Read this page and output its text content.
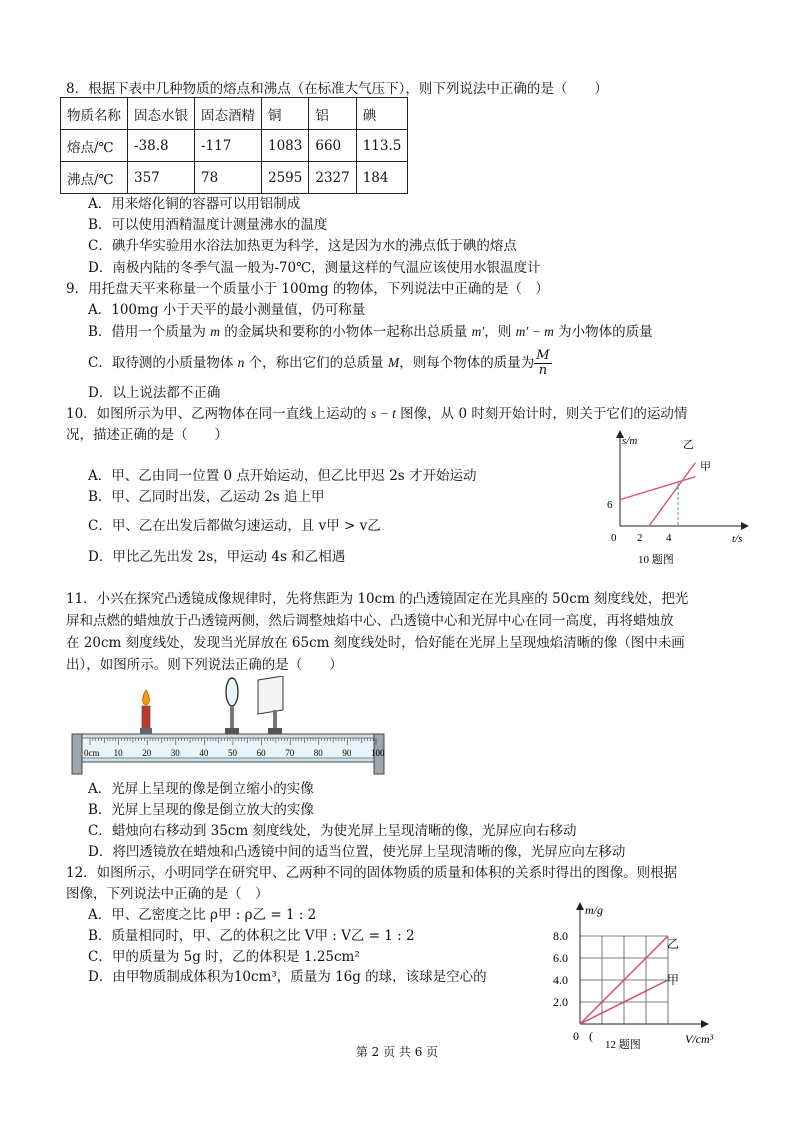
8．根据下表中几种物质的熔点和沸点（在标准大气压下），则下列说法中正确的是（　　）
物质名称	固态水银	固态酒精	铜	铝	碘
熔点/℃	-38.8	-117	1083	660	113.5
沸点/℃	357	78	2595	2327	184
A．用来熔化铜的容器可以用铝制成
B．可以使用酒精温度计测量沸水的温度
C．碘升华实验用水浴法加热更为科学，这是因为水的沸点低于碘的熔点
D．南极内陆的冬季气温一般为-70℃，测量这样的气温应该使用水银温度计
9．用托盘天平来称量一个质量小于 100mg 的物体，下列说法中正确的是（　）
A．100mg 小于天平的最小测量值，仍可称量
B．借用一个质量为 m 的金属块和要称的小物体一起称出总质量 m′，则 m′ − m 为小物体的质量
C．取待测的小质量物体 n 个，称出它们的总质量 M，则每个物体的质量为 $\frac{M}{n}$
D．以上说法都不正确
10．如图所示为甲、乙两物体在同一直线上运动的 s − t 图像，从 0 时刻开始计时，则关于它们的运动情
况，描述正确的是（　　）
A．甲、乙由同一位置 0 点开始运动，但乙比甲迟 2s 才开始运动
B．甲、乙同时出发，乙运动 2s 追上甲
C．甲、乙在出发后都做匀速运动，且 v甲 > v乙
D．甲比乙先出发 2s，甲运动 4s 和乙相遇
s/m
t/s
6
0 2 4
乙
甲
10 题图
11．小兴在探究凸透镜成像规律时，先将焦距为 10cm 的凸透镜固定在光具座的 50cm 刻度线处，把光
屏和点燃的蜡烛放于凸透镜两侧，然后调整烛焰中心、凸透镜中心和光屏中心在同一高度，再将蜡烛放
在 20cm 刻度线处，发现当光屏放在 65cm 刻度线处时，恰好能在光屏上呈现烛焰清晰的像（图中未画
出），如图所示。则下列说法正确的是（　　）
0cm 10 20 30 40 50 60 70 80 90 100
A．光屏上呈现的像是倒立缩小的实像
B．光屏上呈现的像是倒立放大的实像
C．蜡烛向右移动到 35cm 刻度线处，为使光屏上呈现清晰的像，光屏应向右移动
D．将凹透镜放在蜡烛和凸透镜中间的适当位置，使光屏上呈现清晰的像，光屏应向左移动
12．如图所示，小明同学在研究甲、乙两种不同的固体物质的质量和体积的关系时得出的图像。则根据
图像，下列说法中正确的是（　）
A．甲、乙密度之比 ρ甲 : ρ乙 = 1 : 2
B．质量相同时，甲、乙的体积之比 V甲 : V乙 = 1 : 2
C．甲的质量为 5g 时，乙的体积是 1.25cm²
D．由甲物质制成体积为10cm³，质量为 16g 的球，该球是空心的
m/g
V/cm³
8.0
6.0
4.0
2.0
0 (
乙
甲
12 题图
第 2 页 共 6 页
